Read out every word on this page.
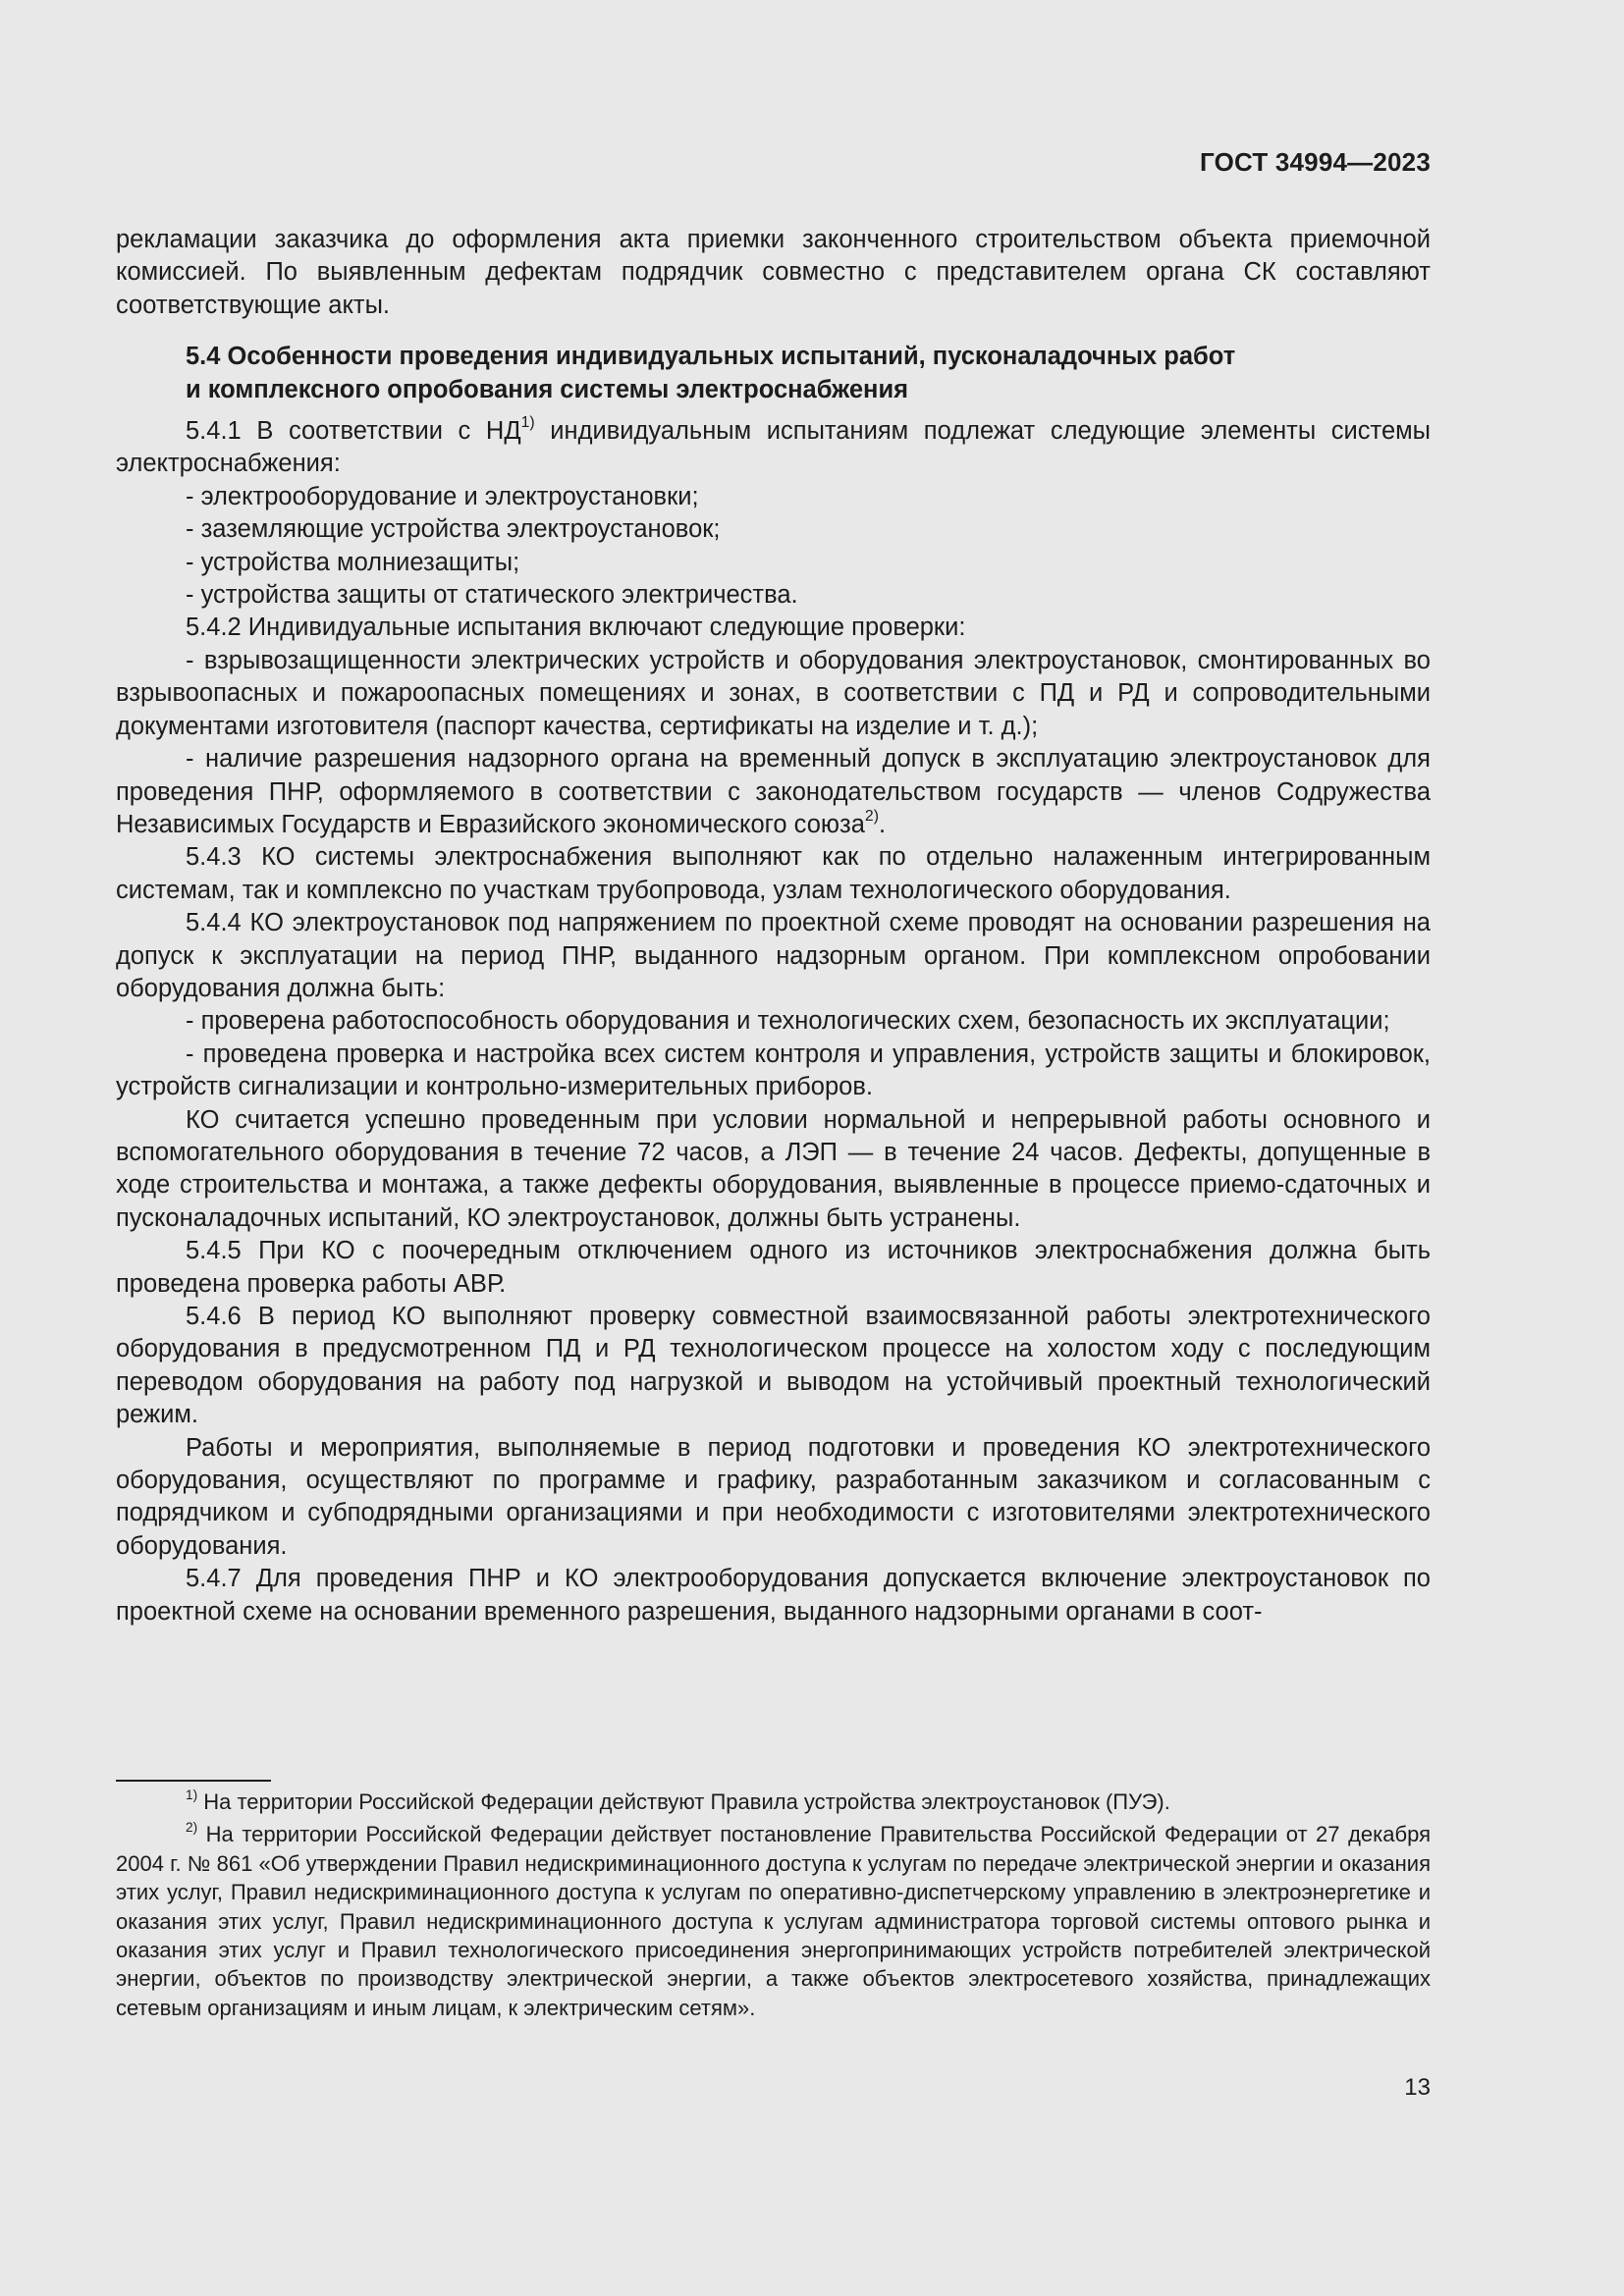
ГОСТ 34994—2023

рекламации заказчика до оформления акта приемки законченного строительством объекта приемочной комиссией. По выявленным дефектам подрядчик совместно с представителем органа СК составляют соответствующие акты.

5.4 Особенности проведения индивидуальных испытаний, пусконаладочных работ
и комплексного опробования системы электроснабжения

5.4.1 В соответствии с НД$^{1)}$ индивидуальным испытаниям подлежат следующие элементы системы электроснабжения:

- электрооборудование и электроустановки;

- заземляющие устройства электроустановок;

- устройства молниезащиты;

- устройства защиты от статического электричества.

5.4.2 Индивидуальные испытания включают следующие проверки:

- взрывозащищенности электрических устройств и оборудования электроустановок, смонтированных во взрывоопасных и пожароопасных помещениях и зонах, в соответствии с ПД и РД и сопроводительными документами изготовителя (паспорт качества, сертификаты на изделие и т. д.);

- наличие разрешения надзорного органа на временный допуск в эксплуатацию электроустановок для проведения ПНР, оформляемого в соответствии с законодательством государств — членов Содружества Независимых Государств и Евразийского экономического союза$^{2)}$.

5.4.3 КО системы электроснабжения выполняют как по отдельно налаженным интегрированным системам, так и комплексно по участкам трубопровода, узлам технологического оборудования.

5.4.4 КО электроустановок под напряжением по проектной схеме проводят на основании разрешения на допуск к эксплуатации на период ПНР, выданного надзорным органом. При комплексном опробовании оборудования должна быть:

- проверена работоспособность оборудования и технологических схем, безопасность их эксплуатации;

- проведена проверка и настройка всех систем контроля и управления, устройств защиты и блокировок, устройств сигнализации и контрольно-измерительных приборов.

КО считается успешно проведенным при условии нормальной и непрерывной работы основного и вспомогательного оборудования в течение 72 часов, а ЛЭП — в течение 24 часов. Дефекты, допущенные в ходе строительства и монтажа, а также дефекты оборудования, выявленные в процессе приемо-сдаточных и пусконаладочных испытаний, КО электроустановок, должны быть устранены.

5.4.5 При КО с поочередным отключением одного из источников электроснабжения должна быть проведена проверка работы АВР.

5.4.6 В период КО выполняют проверку совместной взаимосвязанной работы электротехнического оборудования в предусмотренном ПД и РД технологическом процессе на холостом ходу с последующим переводом оборудования на работу под нагрузкой и выводом на устойчивый проектный технологический режим.

Работы и мероприятия, выполняемые в период подготовки и проведения КО электротехнического оборудования, осуществляют по программе и графику, разработанным заказчиком и согласованным с подрядчиком и субподрядными организациями и при необходимости с изготовителями электротехнического оборудования.

5.4.7 Для проведения ПНР и КО электрооборудования допускается включение электроустановок по проектной схеме на основании временного разрешения, выданного надзорными органами в соот-

$^{1)}$ На территории Российской Федерации действуют Правила устройства электроустановок (ПУЭ).

$^{2)}$ На территории Российской Федерации действует постановление Правительства Российской Федерации от 27 декабря 2004 г. № 861 «Об утверждении Правил недискриминационного доступа к услугам по передаче электрической энергии и оказания этих услуг, Правил недискриминационного доступа к услугам по оперативно-диспетчерскому управлению в электроэнергетике и оказания этих услуг, Правил недискриминационного доступа к услугам администратора торговой системы оптового рынка и оказания этих услуг и Правил технологического присоединения энергопринимающих устройств потребителей электрической энергии, объектов по производству электрической энергии, а также объектов электросетевого хозяйства, принадлежащих сетевым организациям и иным лицам, к электрическим сетям».

13
